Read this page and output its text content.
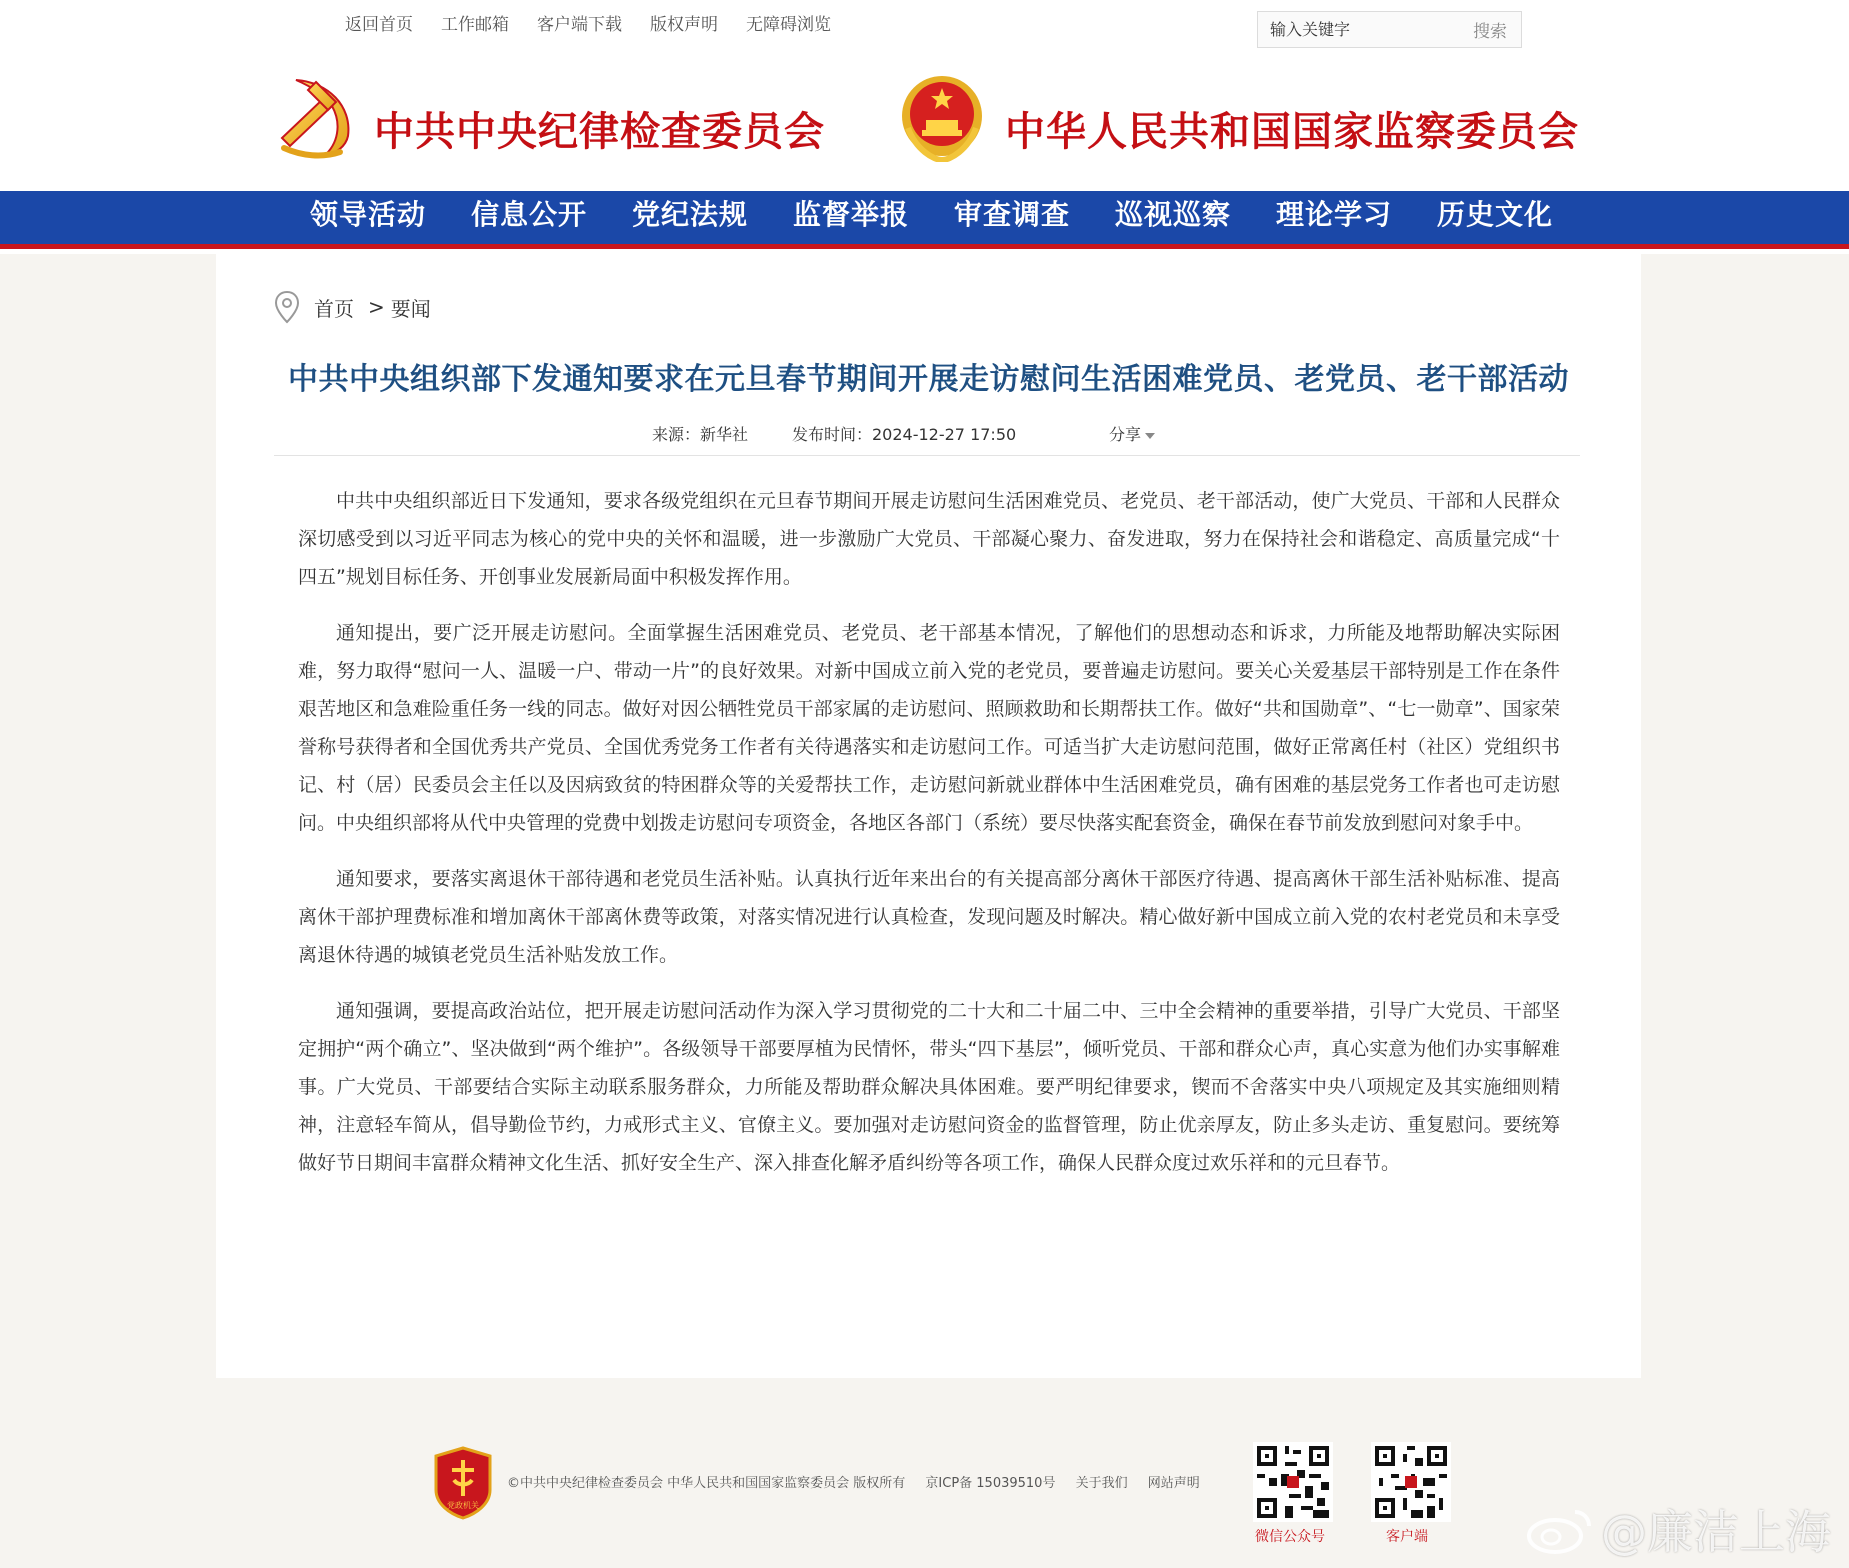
返回首页 工作邮箱 客户端下载 版权声明 无障碍浏览
输入关键字	搜索
中共中央纪律检查委员会	中华人民共和国国家监察委员会
领导活动	信息公开	党纪法规	监督举报	审查调查	巡视巡察	理论学习	历史文化
首页 > 要闻
中共中央组织部下发通知要求在元旦春节期间开展走访慰问生活困难党员、老党员、老干部活动
来源：新华社	发布时间：2024-12-27 17:50	分享

中共中央组织部近日下发通知，要求各级党组织在元旦春节期间开展走访慰问生活困难党员、老党员、老干部活动，使广大党员、干部和人民群众深切感受到以习近平同志为核心的党中央的关怀和温暖，进一步激励广大党员、干部凝心聚力、奋发进取，努力在保持社会和谐稳定、高质量完成“十四五”规划目标任务、开创事业发展新局面中积极发挥作用。

通知提出，要广泛开展走访慰问。全面掌握生活困难党员、老党员、老干部基本情况，了解他们的思想动态和诉求，力所能及地帮助解决实际困难，努力取得“慰问一人、温暖一户、带动一片”的良好效果。对新中国成立前入党的老党员，要普遍走访慰问。要关心关爱基层干部特别是工作在条件艰苦地区和急难险重任务一线的同志。做好对因公牺牲党员干部家属的走访慰问、照顾救助和长期帮扶工作。做好“共和国勋章”、“七一勋章”、国家荣誉称号获得者和全国优秀共产党员、全国优秀党务工作者有关待遇落实和走访慰问工作。可适当扩大走访慰问范围，做好正常离任村（社区）党组织书记、村（居）民委员会主任以及因病致贫的特困群众等的关爱帮扶工作，走访慰问新就业群体中生活困难党员，确有困难的基层党务工作者也可走访慰问。中央组织部将从代中央管理的党费中划拨走访慰问专项资金，各地区各部门（系统）要尽快落实配套资金，确保在春节前发放到慰问对象手中。

通知要求，要落实离退休干部待遇和老党员生活补贴。认真执行近年来出台的有关提高部分离休干部医疗待遇、提高离休干部生活补贴标准、提高离休干部护理费标准和增加离休干部离休费等政策，对落实情况进行认真检查，发现问题及时解决。精心做好新中国成立前入党的农村老党员和未享受离退休待遇的城镇老党员生活补贴发放工作。

通知强调，要提高政治站位，把开展走访慰问活动作为深入学习贯彻党的二十大和二十届二中、三中全会精神的重要举措，引导广大党员、干部坚定拥护“两个确立”、坚决做到“两个维护”。各级领导干部要厚植为民情怀，带头“四下基层”，倾听党员、干部和群众心声，真心实意为他们办实事解难事。广大党员、干部要结合实际主动联系服务群众，力所能及帮助群众解决具体困难。要严明纪律要求，锲而不舍落实中央八项规定及其实施细则精神，注意轻车简从，倡导勤俭节约，力戒形式主义、官僚主义。要加强对走访慰问资金的监督管理，防止优亲厚友，防止多头走访、重复慰问。要统筹做好节日期间丰富群众精神文化生活、抓好安全生产、深入排查化解矛盾纠纷等各项工作，确保人民群众度过欢乐祥和的元旦春节。

党政机关
©中共中央纪律检查委员会 中华人民共和国国家监察委员会 版权所有 京ICP备 15039510号 关于我们 网站声明
微信公众号	客户端	@廉洁上海
